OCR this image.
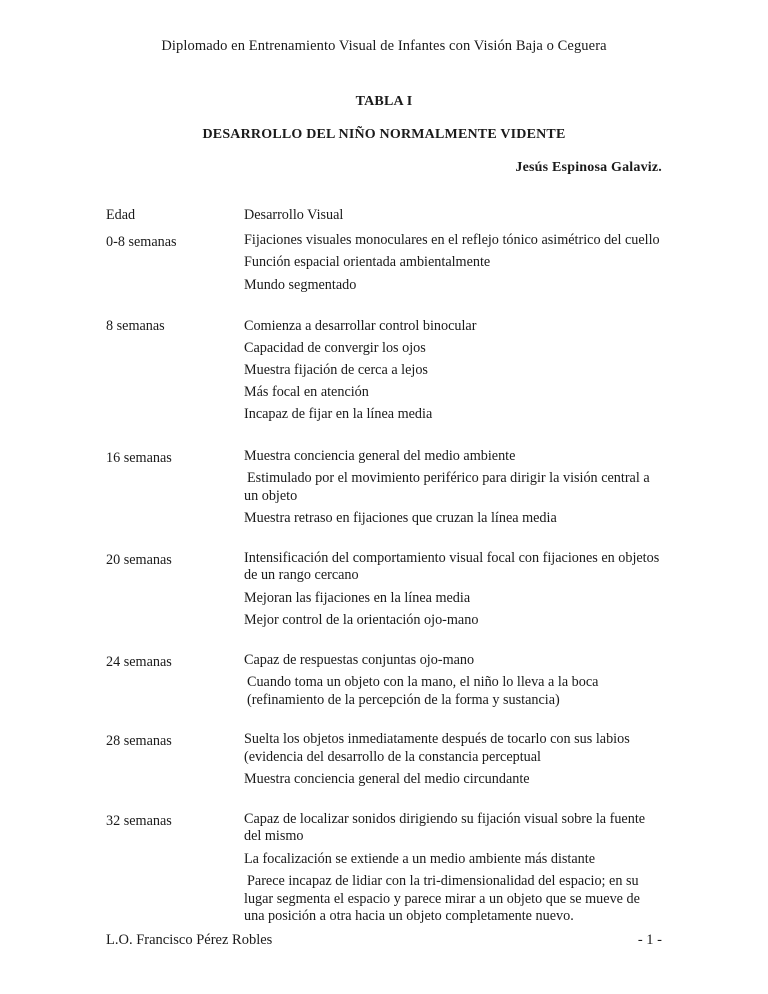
Diplomado en Entrenamiento Visual de Infantes con Visión Baja o Ceguera
TABLA I
DESARROLLO DEL NIÑO NORMALMENTE VIDENTE
Jesús Espinosa Galaviz.
Edad	Desarrollo Visual
0-8 semanas	Fijaciones visuales monoculares en el reflejo tónico asimétrico del cuello
Función espacial orientada ambientalmente
Mundo segmentado
8 semanas	Comienza a desarrollar control binocular
Capacidad de convergir los ojos
Muestra fijación de cerca a lejos
Más focal en atención
Incapaz de fijar en la línea media
16 semanas	Muestra conciencia general del medio ambiente
Estimulado por el movimiento periférico para dirigir la visión central a un objeto
Muestra retraso en fijaciones que cruzan la línea media
20 semanas	Intensificación del comportamiento visual focal con fijaciones en objetos de un rango cercano
Mejoran las fijaciones en la línea media
Mejor control de la orientación ojo-mano
24 semanas	Capaz de respuestas conjuntas ojo-mano
Cuando toma un objeto con la mano, el niño lo lleva a la boca (refinamiento de la percepción de la forma y sustancia)
28 semanas	Suelta los objetos inmediatamente después de tocarlo con sus labios (evidencia del desarrollo de la constancia perceptual
Muestra conciencia general del medio circundante
32 semanas	Capaz de localizar sonidos dirigiendo su fijación visual sobre la fuente del mismo
La focalización se extiende a un medio ambiente más distante
Parece incapaz de lidiar con la tri-dimensionalidad del espacio; en su lugar segmenta el espacio y parece mirar a un objeto que se mueve de una posición a otra hacia un objeto completamente nuevo.
L.O. Francisco Pérez Robles	- 1 -
